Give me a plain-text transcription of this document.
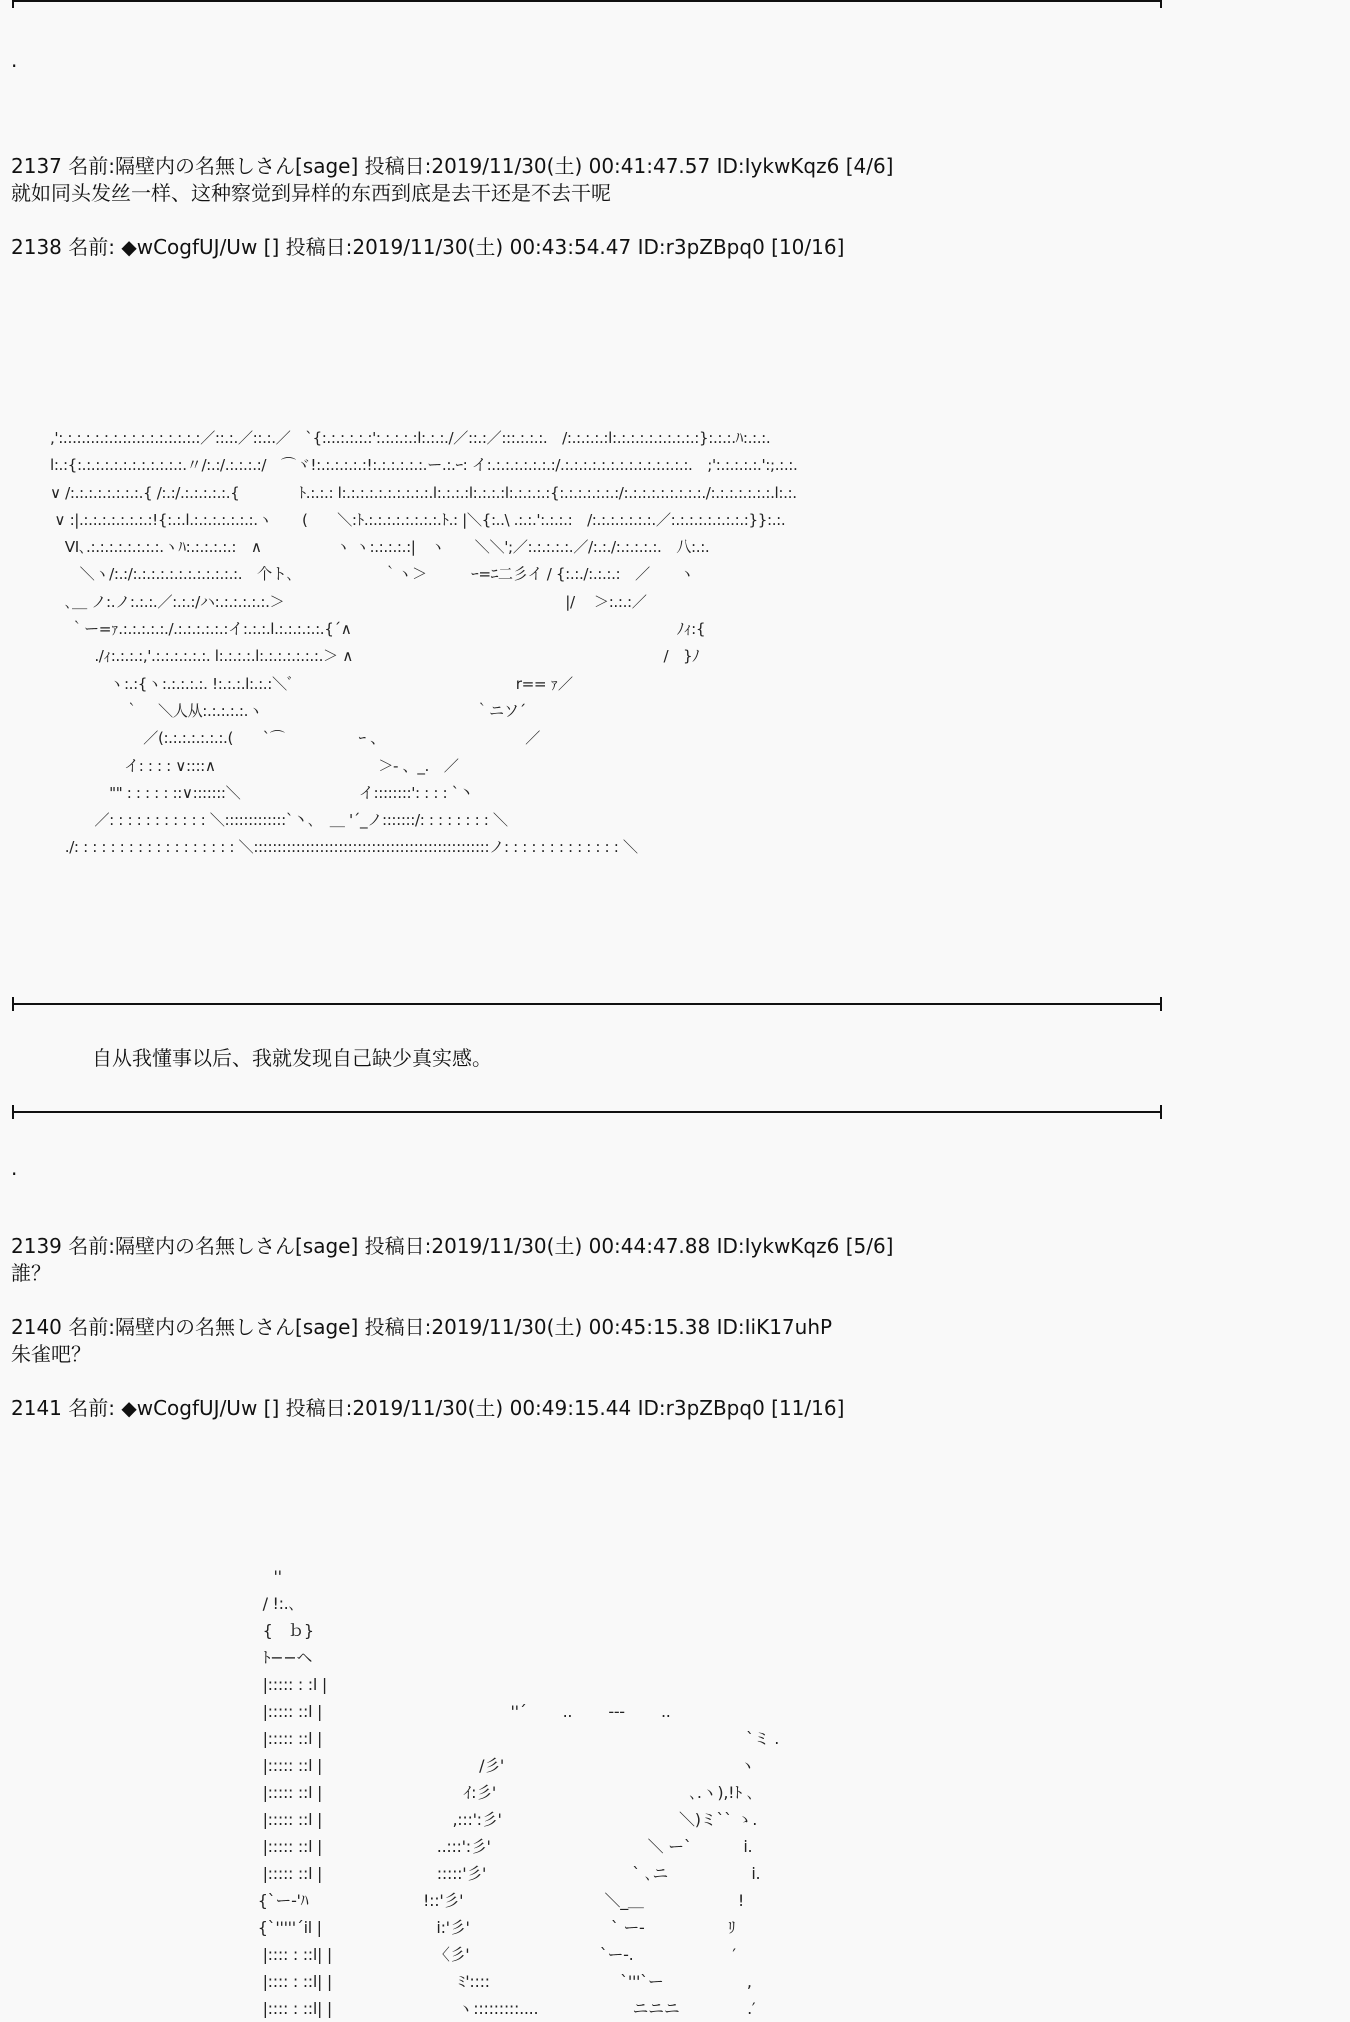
.
2137 名前:隔壁内の名無しさん[sage] 投稿日:2019/11/30(土) 00:41:47.57 ID:IykwKqz6 [4/6]
就如同头发丝一样、这种察觉到异样的东西到底是去干还是不去干呢
2138 名前: ◆wCogfUJ/Uw [] 投稿日:2019/11/30(土) 00:43:54.47 ID:r3pZBpq0 [10/16]
,':.:.:.:.:.:.:.:.:.:.:.:.:.:.:.:／::.:.／::.:.／　`{:.:.:.:.:.:':.:.:.:.:l:.:.:./／::.:／:::.:.:.:.　/:.:.:.:.:l:.:.:.:.:.:.:.:.:.:}:.:.:.ﾊ:.:.:.
l:.:{:.:.:.:.:.:.:.:.:.:.:.:.〃/:.:/.:.:.:.:/　⌒ヾ!:.:.:.:.:.:!:.:.:.:.:.:.ー.:.ｰ: イ:.:.:.:.:.:.:.:/.:.:.:.:.:.:.:.:.:.:.:.:.:.:.　;':.:.:.:.:.':;.:.:.
∨ /:.:.:.:.:.:.:.:.{ /:.:/.:.:.:.:.:.{　　　　ﾄ.:.:.: l:.:.:.:.:.:.:.:.:.:.l:.:.:.:l:.:.:.:l:.:.:.:.:{:.:.:.:.:.:.:/:.:.:.:.:.:.:.:.:./:.:.:.:.:.:.:.l:.:.
∨ :|.:.:.:.:.:.:.:.:!{:.:.l.:.:.:.:.:.:.:.ヽ　　(　　＼:ﾄ.:.:.:.:.:.:.:.:.ﾄ.: |＼{:..\ .:.:.':.:.:.:　/:.:.:.:.:.:.:.／:.:.:.:.:.:.:.:.:}}:.:.
　VI､.:.:.:.:.:.:.:.:.ヽﾊ:.:.:.:.:.:　∧　　　　　ヽ ヽ:.:.:.:.:|　ヽ　　＼＼';／:.:.:.:.:.／/:.:./:.:.:.:.:.　八:.:.
　　＼ヽ/:.:/:.:.:.:.:.:.:.:.:.:.:.:.　个ト､　　　　　　｀ヽ＞　　　ｰ=ﾆ二彡イ / {:.:./:.:.:.:　／　　ヽ
　､＿ ノ:.ノ:.:.:.／:.:.:/ハ:.:.:.:.:.:.＞　　　　　　　　　　　　　　　　　　　|/　 ＞:.:.:／
　 ｀ー=ｧ.:.:.:.:.:./.:.:.:.:.:.:イ:.:.:.l.:.:.:.:.:.{´∧　　　　　　　　　　　　　　　　　　　　　　ﾉｨ:{
　　　./ｨ:.:.:.:,'.:.:.:.:.:.:. l:.:.:.:.l:.:.:.:.:.:.:.＞ ∧　　　　　　　　　　　　　　　　　　　　　/　}ﾉ
　　　　ヽ:.:{ヽ:.:.:.:.:. !:.:.:.l:.:.:＼ﾞ　　　　　　　　　　　　　　　r== ｧ／
　　　　　｀　 ＼人从:.:.:.:.:.ヽ　　　　　　　　　　　　　　 ｀ニソ´
　　　　　　 ／(:.:.:.:.:.:.:.(　　`⌒　　　　　ｰ 、　　　　　　　　　　／
　　　　　イ: : : : ∨::::∧　　　　　　　　　　　＞- 、_.　／
　　　　"" : : : : : ::∨:::::::＼　　　　　　　　イ::::::::': : : : `丶
　　　／: : : : : : : : : : : ＼:::::::::::::`丶､　＿ '´_ノ:::::::/: : : : : : : : ＼
　./: : : : : : : : : : : : : : : : : : ＼::::::::::::::::::::::::::::::::::::::::::::::::::ノ: : : : : : : : : : : : : ＼
自从我懂事以后、我就发现自己缺少真实感。
.
2139 名前:隔壁内の名無しさん[sage] 投稿日:2019/11/30(土) 00:44:47.88 ID:IykwKqz6 [5/6]
誰？
2140 名前:隔壁内の名無しさん[sage] 投稿日:2019/11/30(土) 00:45:15.38 ID:IiK17uhP
朱雀吧？
2141 名前: ◆wCogfUJ/Uw [] 投稿日:2019/11/30(土) 00:49:15.44 ID:r3pZBpq0 [11/16]
　　　　　''
　　　　 / !:.､
　　　　 {　ｂ}
　　　　 ﾄ−−ヘ
　　　　 |::::: : :l |
　　　　 |::::: ::l |　　　　　　　　　　　　''´　　 ..　　 ---　　 ..
　　　　 |::::: ::l |　　　　　　　　　　　　　　　　　　　　　　　　　　　`ミ .
　　　　 |::::: ::l |　　　　　　　　　　/彡'　　　　　　　　　　　　　　　ヽ
　　　　 |::::: ::l |　　　　　　　　　ｲ:彡'　　　　　　　　　　　　 ､.ヽ),!ﾄ ､
　　　　 |::::: ::l |　　　　　　　　 ,:::':彡'　　　　　　　　　　　 ＼)ミ`` ゝ.
　　　　 |::::: ::l |　　　　　　　 ..:::':彡'　　　　　　　　　　＼ ー`　　　 i.
　　　　 |::::: ::l |　　　　　　　 :::::'彡'　　　　　　　　　 ` ､ニ　　　　　 i.
　　　　{`ー-'ﾊ　　　　　　　 !::'彡'　　　　　　　　　＼_＿　　　　　　!
　　　　{`'''''´il |　　　　　　　 i:'彡'　　　　　　　　　` ー-　　　　　 ﾘ
　　　　 |:::: : ::l| |　　　　　　　〈彡'　　　　　　　　 `ー-.　　　　　　 ′
　　　　 |:::: : ::l| |　　　　　　　　ﾐ'::::　　　　　　　　 `'''`ー　　　　　 ,
　　　　 |:::: : ::l| |　　　　　　　　ヽ:::::::::....　　　　　　ニニニ　　　　 .′
